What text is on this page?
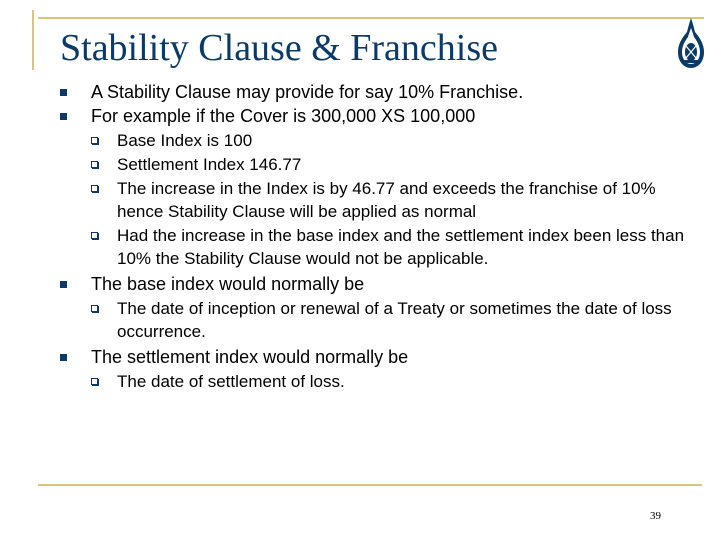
Stability Clause & Franchise
A Stability Clause may provide for say 10% Franchise.
For example if the Cover is 300,000 XS 100,000
Base Index is 100
Settlement Index 146.77
The increase in the Index is by 46.77 and exceeds the franchise of 10% hence Stability Clause will be applied as normal
Had the increase in the base index and the settlement index been less than 10% the Stability Clause would not be applicable.
The base index would normally be
The date of inception or renewal of a Treaty or sometimes the date of loss occurrence.
The settlement index would normally be
The date of settlement of loss.
39
